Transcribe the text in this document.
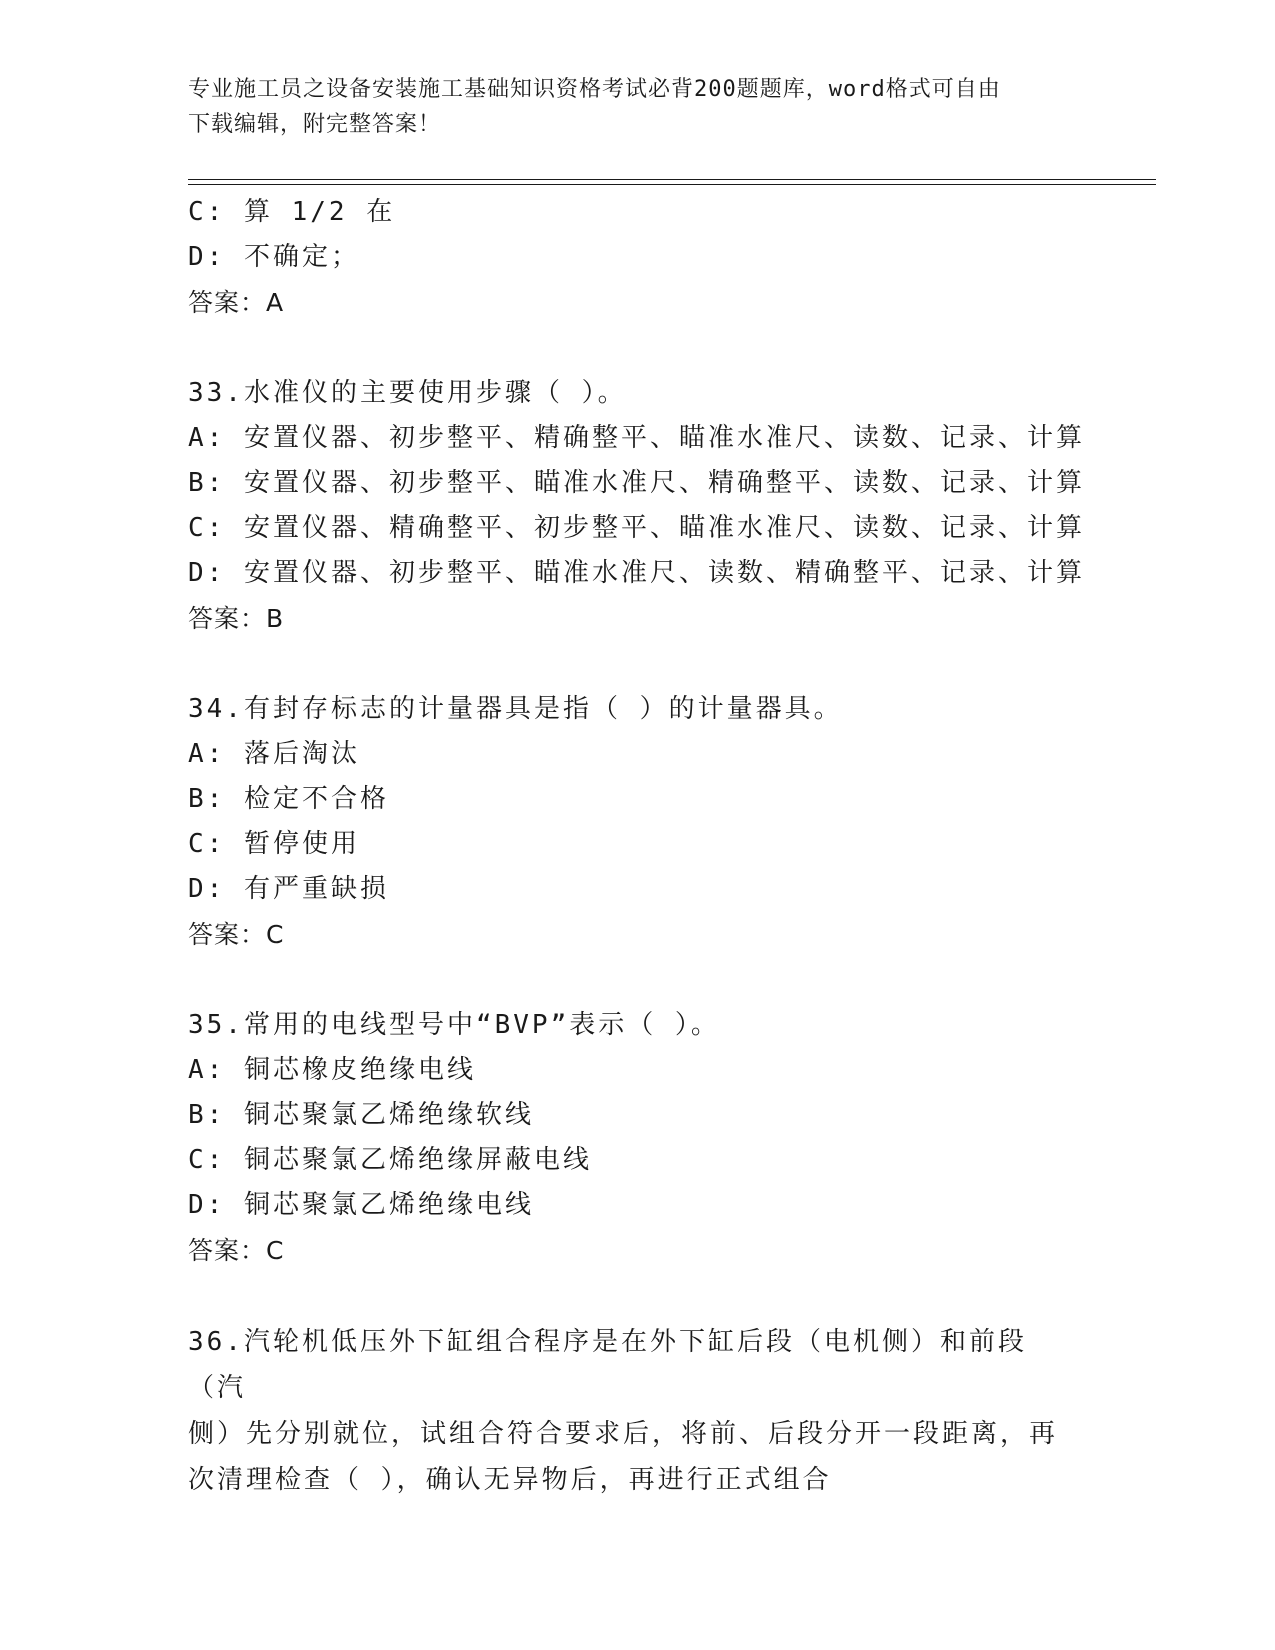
专业施工员之设备安装施工基础知识资格考试必背200题题库，word格式可自由
下载编辑，附完整答案！
C: 算 1/2 在
D: 不确定；
答案：A
33.水准仪的主要使用步骤（ ）。
A: 安置仪器、初步整平、精确整平、瞄准水准尺、读数、记录、计算
B: 安置仪器、初步整平、瞄准水准尺、精确整平、读数、记录、计算
C: 安置仪器、精确整平、初步整平、瞄准水准尺、读数、记录、计算
D: 安置仪器、初步整平、瞄准水准尺、读数、精确整平、记录、计算
答案：B
34.有封存标志的计量器具是指（ ）的计量器具。
A: 落后淘汰
B: 检定不合格
C: 暂停使用
D: 有严重缺损
答案：C
35.常用的电线型号中“BVP”表示（ ）。
A: 铜芯橡皮绝缘电线
B: 铜芯聚氯乙烯绝缘软线
C: 铜芯聚氯乙烯绝缘屏蔽电线
D: 铜芯聚氯乙烯绝缘电线
答案：C
36.汽轮机低压外下缸组合程序是在外下缸后段（电机侧）和前段（汽
侧）先分别就位，试组合符合要求后，将前、后段分开一段距离，再
次清理检查（ ），确认无异物后，再进行正式组合
